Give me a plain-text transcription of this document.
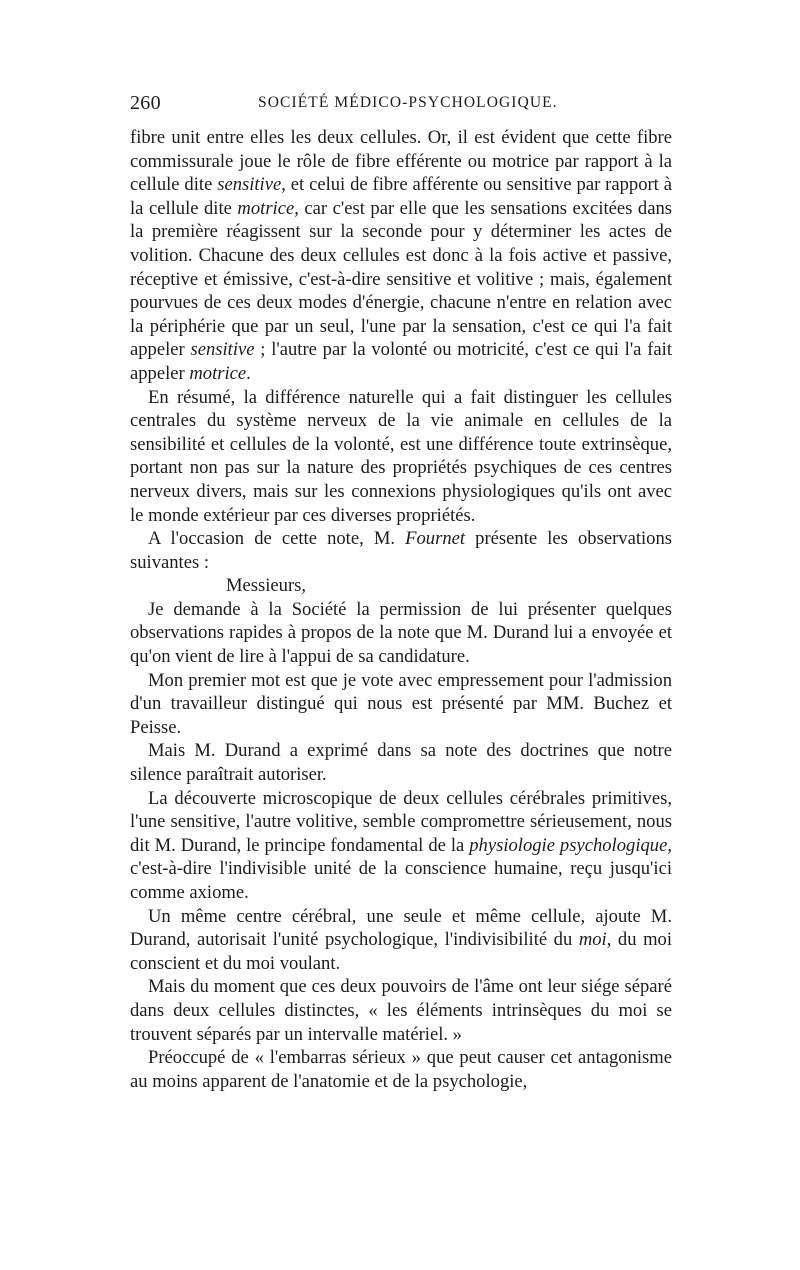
260	SOCIÉTÉ MÉDICO-PSYCHOLOGIQUE.

fibre unit entre elles les deux cellules. Or, il est évident que cette fibre commissurale joue le rôle de fibre efférente ou motrice par rapport à la cellule dite sensitive, et celui de fibre afférente ou sensitive par rapport à la cellule dite motrice, car c'est par elle que les sensations excitées dans la première réagissent sur la seconde pour y déterminer les actes de volition. Chacune des deux cellules est donc à la fois active et passive, réceptive et émissive, c'est-à-dire sensitive et volitive ; mais, également pourvues de ces deux modes d'énergie, chacune n'entre en relation avec la périphérie que par un seul, l'une par la sensation, c'est ce qui l'a fait appeler sensitive ; l'autre par la volonté ou motricité, c'est ce qui l'a fait appeler motrice.

En résumé, la différence naturelle qui a fait distinguer les cellules centrales du système nerveux de la vie animale en cellules de la sensibilité et cellules de la volonté, est une différence toute extrinsèque, portant non pas sur la nature des propriétés psychiques de ces centres nerveux divers, mais sur les connexions physiologiques qu'ils ont avec le monde extérieur par ces diverses propriétés.

A l'occasion de cette note, M. Fournet présente les observations suivantes :

Messieurs,

Je demande à la Société la permission de lui présenter quelques observations rapides à propos de la note que M. Durand lui a envoyée et qu'on vient de lire à l'appui de sa candidature.

Mon premier mot est que je vote avec empressement pour l'admission d'un travailleur distingué qui nous est présenté par MM. Buchez et Peisse.

Mais M. Durand a exprimé dans sa note des doctrines que notre silence paraîtrait autoriser.

La découverte microscopique de deux cellules cérébrales primitives, l'une sensitive, l'autre volitive, semble compromettre sérieusement, nous dit M. Durand, le principe fondamental de la physiologie psychologique, c'est-à-dire l'indivisible unité de la conscience humaine, reçu jusqu'ici comme axiome.

Un même centre cérébral, une seule et même cellule, ajoute M. Durand, autorisait l'unité psychologique, l'indivisibilité du moi, du moi conscient et du moi voulant.

Mais du moment que ces deux pouvoirs de l'âme ont leur siége séparé dans deux cellules distinctes, « les éléments intrinsèques du moi se trouvent séparés par un intervalle matériel. »

Préoccupé de « l'embarras sérieux » que peut causer cet antagonisme au moins apparent de l'anatomie et de la psychologie,
